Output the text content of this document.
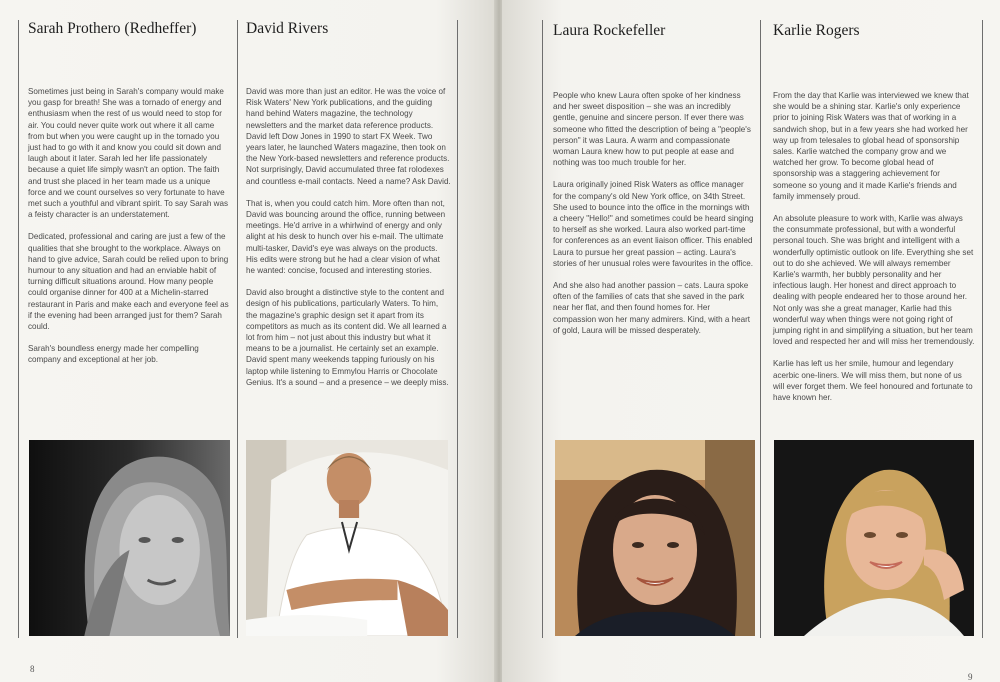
Sarah Prothero (Redheffer)

Sometimes just being in Sarah's company would make you gasp for breath! She was a tornado of energy and enthusiasm when the rest of us would need to stop for air. You could never quite work out where it all came from but when you were caught up in the tornado you just had to go with it and know you could sit down and laugh about it later. Sarah led her life passionately because a quiet life simply wasn't an option. The faith and trust she placed in her team made us a unique force and we count ourselves so very fortunate to have met such a youthful and vibrant spirit. To say Sarah was a feisty character is an understatement.

Dedicated, professional and caring are just a few of the qualities that she brought to the workplace. Always on hand to give advice, Sarah could be relied upon to bring humour to any situation and had an enviable habit of turning difficult situations around. How many people could organise dinner for 400 at a Michelin-starred restaurant in Paris and make each and everyone feel as if the evening had been arranged just for them? Sarah could.

Sarah's boundless energy made her compelling company and exceptional at her job.

David Rivers

David was more than just an editor. He was the voice of Risk Waters' New York publications, and the guiding hand behind Waters magazine, the technology newsletters and the market data reference products. David left Dow Jones in 1990 to start FX Week. Two years later, he launched Waters magazine, then took on the New York-based newsletters and reference products. Not surprisingly, David accumulated three fat rolodexes and countless e-mail contacts. Need a name? Ask David.

That is, when you could catch him. More often than not, David was bouncing around the office, running between meetings. He'd arrive in a whirlwind of energy and only alight at his desk to hunch over his e-mail. The ultimate multi-tasker, David's eye was always on the products. His edits were strong but he had a clear vision of what he wanted: concise, focused and interesting stories.

David also brought a distinctive style to the content and design of his publications, particularly Waters. To him, the magazine's graphic design set it apart from its competitors as much as its content did. We all learned a lot from him – not just about this industry but what it means to be a journalist. He certainly set an example. David spent many weekends tapping furiously on his laptop while listening to Emmylou Harris or Chocolate Genius. It's a sound – and a presence – we deeply miss.

8
Laura Rockefeller

People who knew Laura often spoke of her kindness and her sweet disposition – she was an incredibly gentle, genuine and sincere person. If ever there was someone who fitted the description of being a "people's person" it was Laura. A warm and compassionate woman Laura knew how to put people at ease and nothing was too much trouble for her.

Laura originally joined Risk Waters as office manager for the company's old New York office, on 34th Street. She used to bounce into the office in the mornings with a cheery "Hello!" and sometimes could be heard singing to herself as she worked. Laura also worked part-time for conferences as an event liaison officer. This enabled Laura to pursue her great passion – acting. Laura's stories of her unusual roles were favourites in the office.

And she also had another passion – cats. Laura spoke often of the families of cats that she saved in the park near her flat, and then found homes for. Her compassion won her many admirers. Kind, with a heart of gold, Laura will be missed desperately.

Karlie Rogers

From the day that Karlie was interviewed we knew that she would be a shining star. Karlie's only experience prior to joining Risk Waters was that of working in a sandwich shop, but in a few years she had worked her way up from telesales to global head of sponsorship sales. Karlie watched the company grow and we watched her grow. To become global head of sponsorship was a staggering achievement for someone so young and it made Karlie's friends and family immensely proud.

An absolute pleasure to work with, Karlie was always the consummate professional, but with a wonderful personal touch. She was bright and intelligent with a wonderfully optimistic outlook on life. Everything she set out to do she achieved. We will always remember Karlie's warmth, her bubbly personality and her infectious laugh. Her honest and direct approach to dealing with people endeared her to those around her. Not only was she a great manager, Karlie had this wonderful way when things were not going right of jumping right in and simplifying a situation, but her team loved and respected her and will miss her tremendously.

Karlie has left us her smile, humour and legendary acerbic one-liners. We will miss them, but none of us will ever forget them. We feel honoured and fortunate to have known her.

9
